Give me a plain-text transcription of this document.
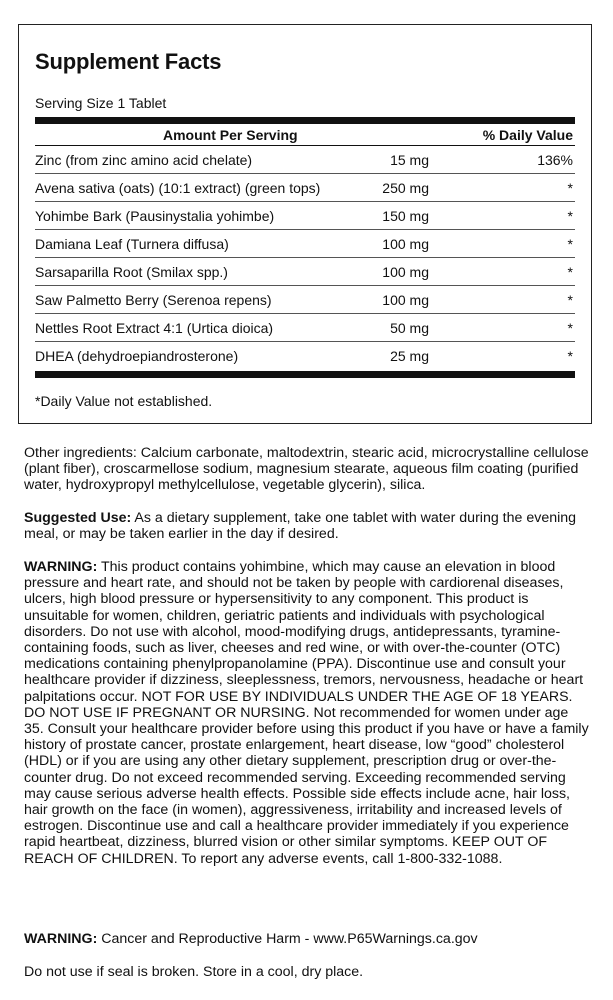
Supplement Facts
Serving Size 1 Tablet
Amount Per Serving	% Daily Value
Zinc (from zinc amino acid chelate)	15 mg	136%
Avena sativa (oats) (10:1 extract) (green tops)	250 mg	*
Yohimbe Bark (Pausinystalia yohimbe)	150 mg	*
Damiana Leaf (Turnera diffusa)	100 mg	*
Sarsaparilla Root (Smilax spp.)	100 mg	*
Saw Palmetto Berry (Serenoa repens)	100 mg	*
Nettles Root Extract 4:1 (Urtica dioica)	50 mg	*
DHEA (dehydroepiandrosterone)	25 mg	*
*Daily Value not established.
Other ingredients: Calcium carbonate, maltodextrin, stearic acid, microcrystalline cellulose (plant fiber), croscarmellose sodium, magnesium stearate, aqueous film coating (purified water, hydroxypropyl methylcellulose, vegetable glycerin), silica.
Suggested Use: As a dietary supplement, take one tablet with water during the evening meal, or may be taken earlier in the day if desired.
WARNING: This product contains yohimbine, which may cause an elevation in blood pressure and heart rate, and should not be taken by people with cardiorenal diseases, ulcers, high blood pressure or hypersensitivity to any component. This product is unsuitable for women, children, geriatric patients and individuals with psychological disorders. Do not use with alcohol, mood-modifying drugs, antidepressants, tyramine-containing foods, such as liver, cheeses and red wine, or with over-the-counter (OTC) medications containing phenylpropanolamine (PPA). Discontinue use and consult your healthcare provider if dizziness, sleeplessness, tremors, nervousness, headache or heart palpitations occur. NOT FOR USE BY INDIVIDUALS UNDER THE AGE OF 18 YEARS. DO NOT USE IF PREGNANT OR NURSING. Not recommended for women under age 35. Consult your healthcare provider before using this product if you have or have a family history of prostate cancer, prostate enlargement, heart disease, low “good” cholesterol (HDL) or if you are using any other dietary supplement, prescription drug or over-the-counter drug. Do not exceed recommended serving. Exceeding recommended serving may cause serious adverse health effects. Possible side effects include acne, hair loss, hair growth on the face (in women), aggressiveness, irritability and increased levels of estrogen. Discontinue use and call a healthcare provider immediately if you experience rapid heartbeat, dizziness, blurred vision or other similar symptoms. KEEP OUT OF REACH OF CHILDREN. To report any adverse events, call 1-800-332-1088.
WARNING: Cancer and Reproductive Harm - www.P65Warnings.ca.gov
Do not use if seal is broken. Store in a cool, dry place.
